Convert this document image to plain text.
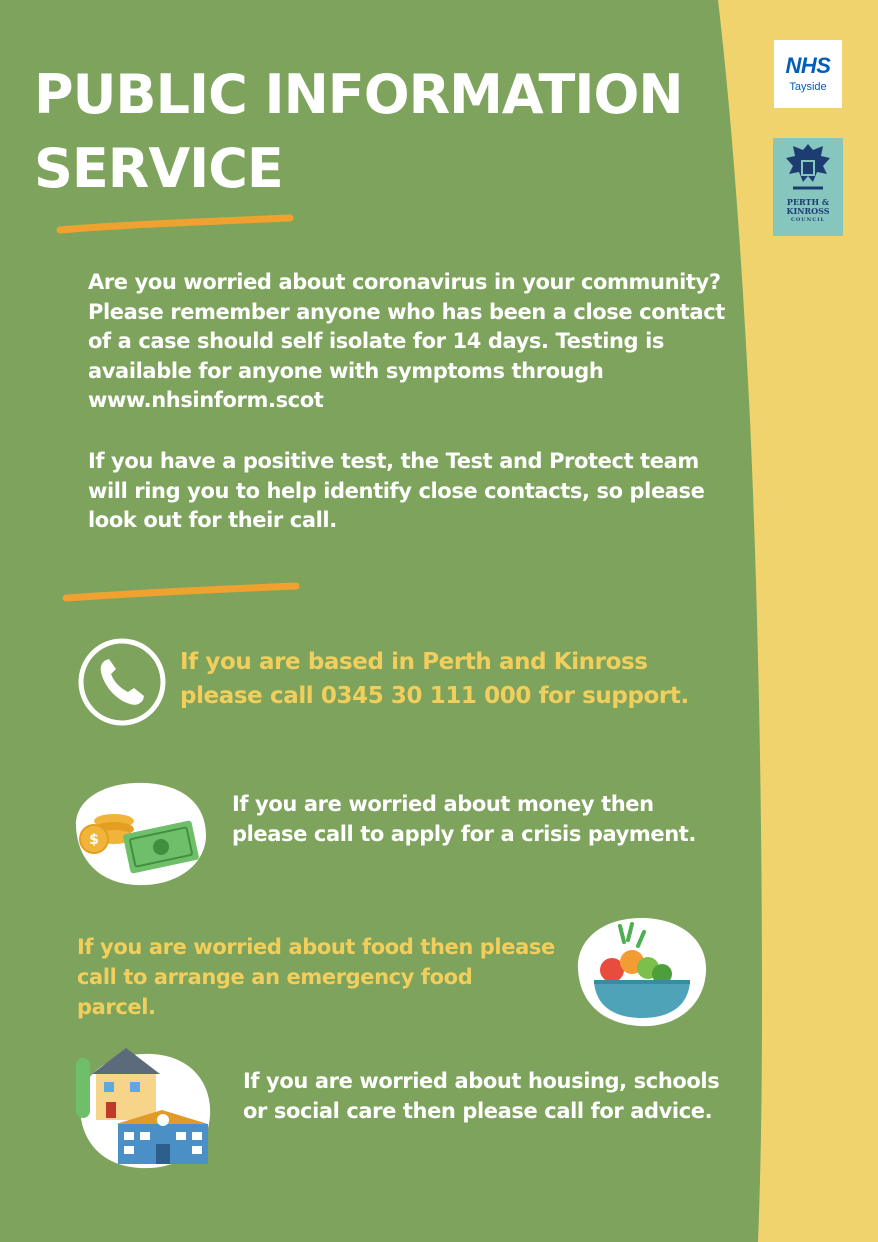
PUBLIC INFORMATION
SERVICE
NHS
Tayside
PERTH &
KINROSS
COUNCIL

Are you worried about coronavirus in your community? Please remember anyone who has been a close contact of a case should self isolate for 14 days. Testing is available for anyone with symptoms through www.nhsinform.scot

If you have a positive test, the Test and Protect team will ring you to help identify close contacts, so please look out for their call.

If you are based in Perth and Kinross please call 0345 30 111 000 for support.

$

If you are worried about money then please call to apply for a crisis payment.

If you are worried about food then please call to arrange an emergency food parcel.

If you are worried about housing, schools or social care then please call for advice.
